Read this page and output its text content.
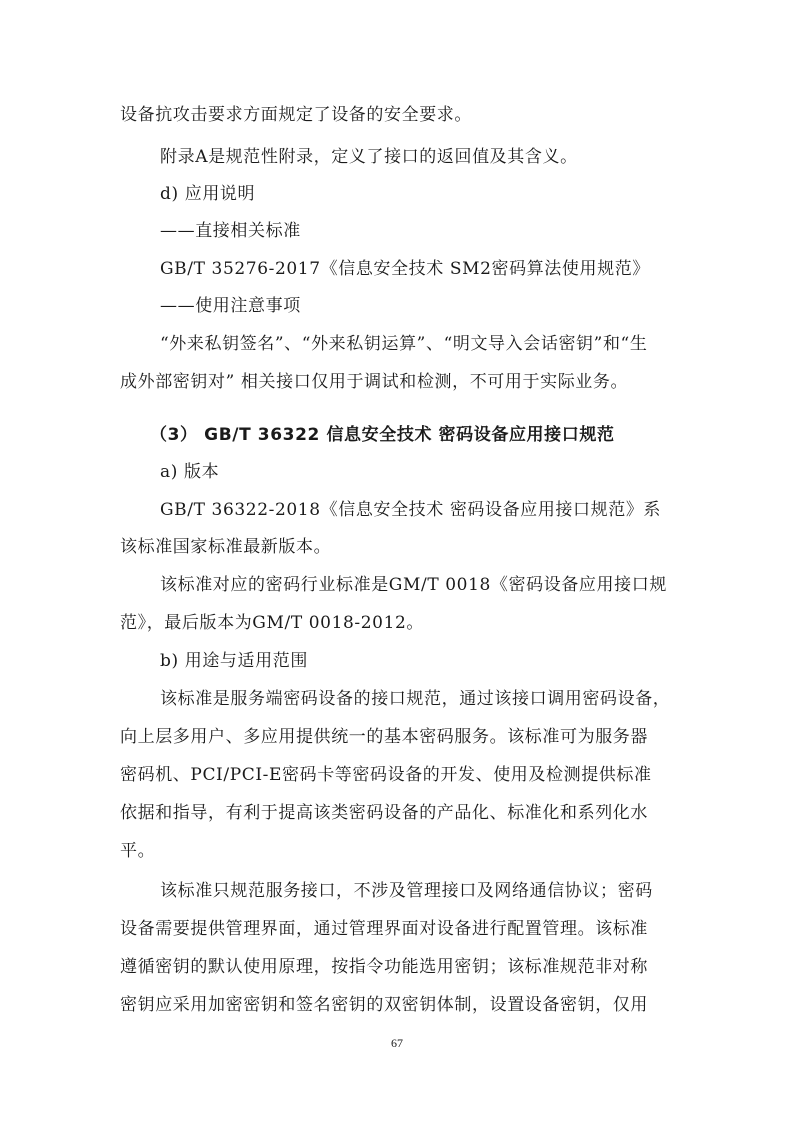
设备抗攻击要求方面规定了设备的安全要求。
附录A是规范性附录，定义了接口的返回值及其含义。
d) 应用说明
——直接相关标准
GB/T 35276-2017《信息安全技术 SM2密码算法使用规范》
——使用注意事项
“外来私钥签名”、“外来私钥运算”、“明文导入会话密钥”和“生
成外部密钥对” 相关接口仅用于调试和检测，不可用于实际业务。
（3） GB/T 36322 信息安全技术 密码设备应用接口规范
a) 版本
GB/T 36322-2018《信息安全技术 密码设备应用接口规范》系
该标准国家标准最新版本。
该标准对应的密码行业标准是GM/T 0018《密码设备应用接口规
范》，最后版本为GM/T 0018-2012。
b) 用途与适用范围
该标准是服务端密码设备的接口规范，通过该接口调用密码设备，
向上层多用户、多应用提供统一的基本密码服务。该标准可为服务器
密码机、PCI/PCI-E密码卡等密码设备的开发、使用及检测提供标准
依据和指导，有利于提高该类密码设备的产品化、标准化和系列化水
平。
该标准只规范服务接口，不涉及管理接口及网络通信协议；密码
设备需要提供管理界面，通过管理界面对设备进行配置管理。该标准
遵循密钥的默认使用原理，按指令功能选用密钥；该标准规范非对称
密钥应采用加密密钥和签名密钥的双密钥体制，设置设备密钥，仅用
67
